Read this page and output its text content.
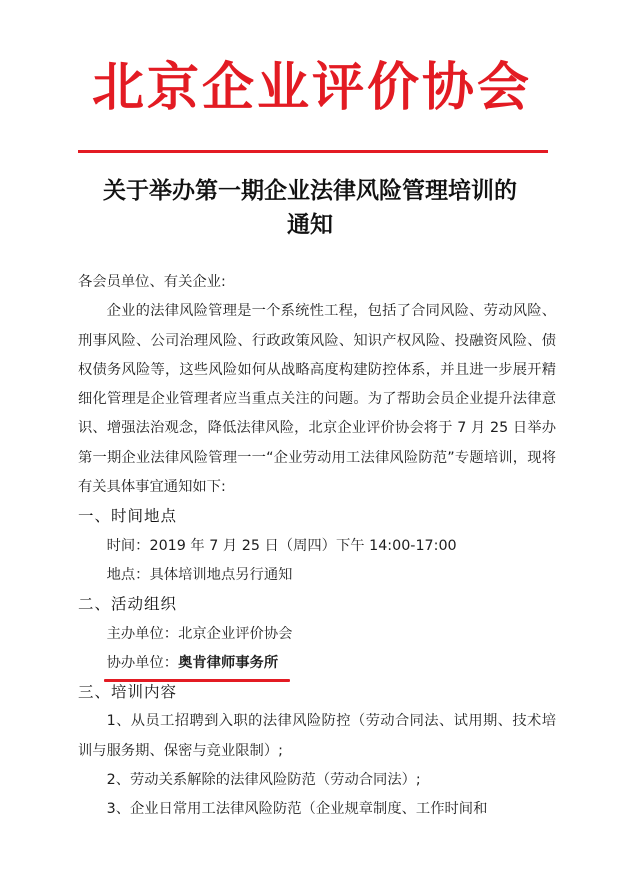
北京企业评价协会
关于举办第一期企业法律风险管理培训的
通知

各会员单位、有关企业:

企业的法律风险管理是一个系统性工程，包括了合同风险、劳动风险、刑事风险、公司治理风险、行政政策风险、知识产权风险、投融资风险、债权债务风险等，这些风险如何从战略高度构建防控体系，并且进一步展开精细化管理是企业管理者应当重点关注的问题。为了帮助会员企业提升法律意识、增强法治观念，降低法律风险，北京企业评价协会将于 7 月 25 日举办第一期企业法律风险管理一一“企业劳动用工法律风险防范”专题培训，现将有关具体事宜通知如下:

一、时间地点

时间：2019 年 7 月 25 日（周四）下午 14:00-17:00

地点：具体培训地点另行通知

二、活动组织

主办单位：北京企业评价协会

协办单位：奥肯律师事务所

三、培训内容

1、从员工招聘到入职的法律风险防控（劳动合同法、试用期、技术培训与服务期、保密与竞业限制）;

2、劳动关系解除的法律风险防范（劳动合同法）;

3、企业日常用工法律风险防范（企业规章制度、工作时间和
